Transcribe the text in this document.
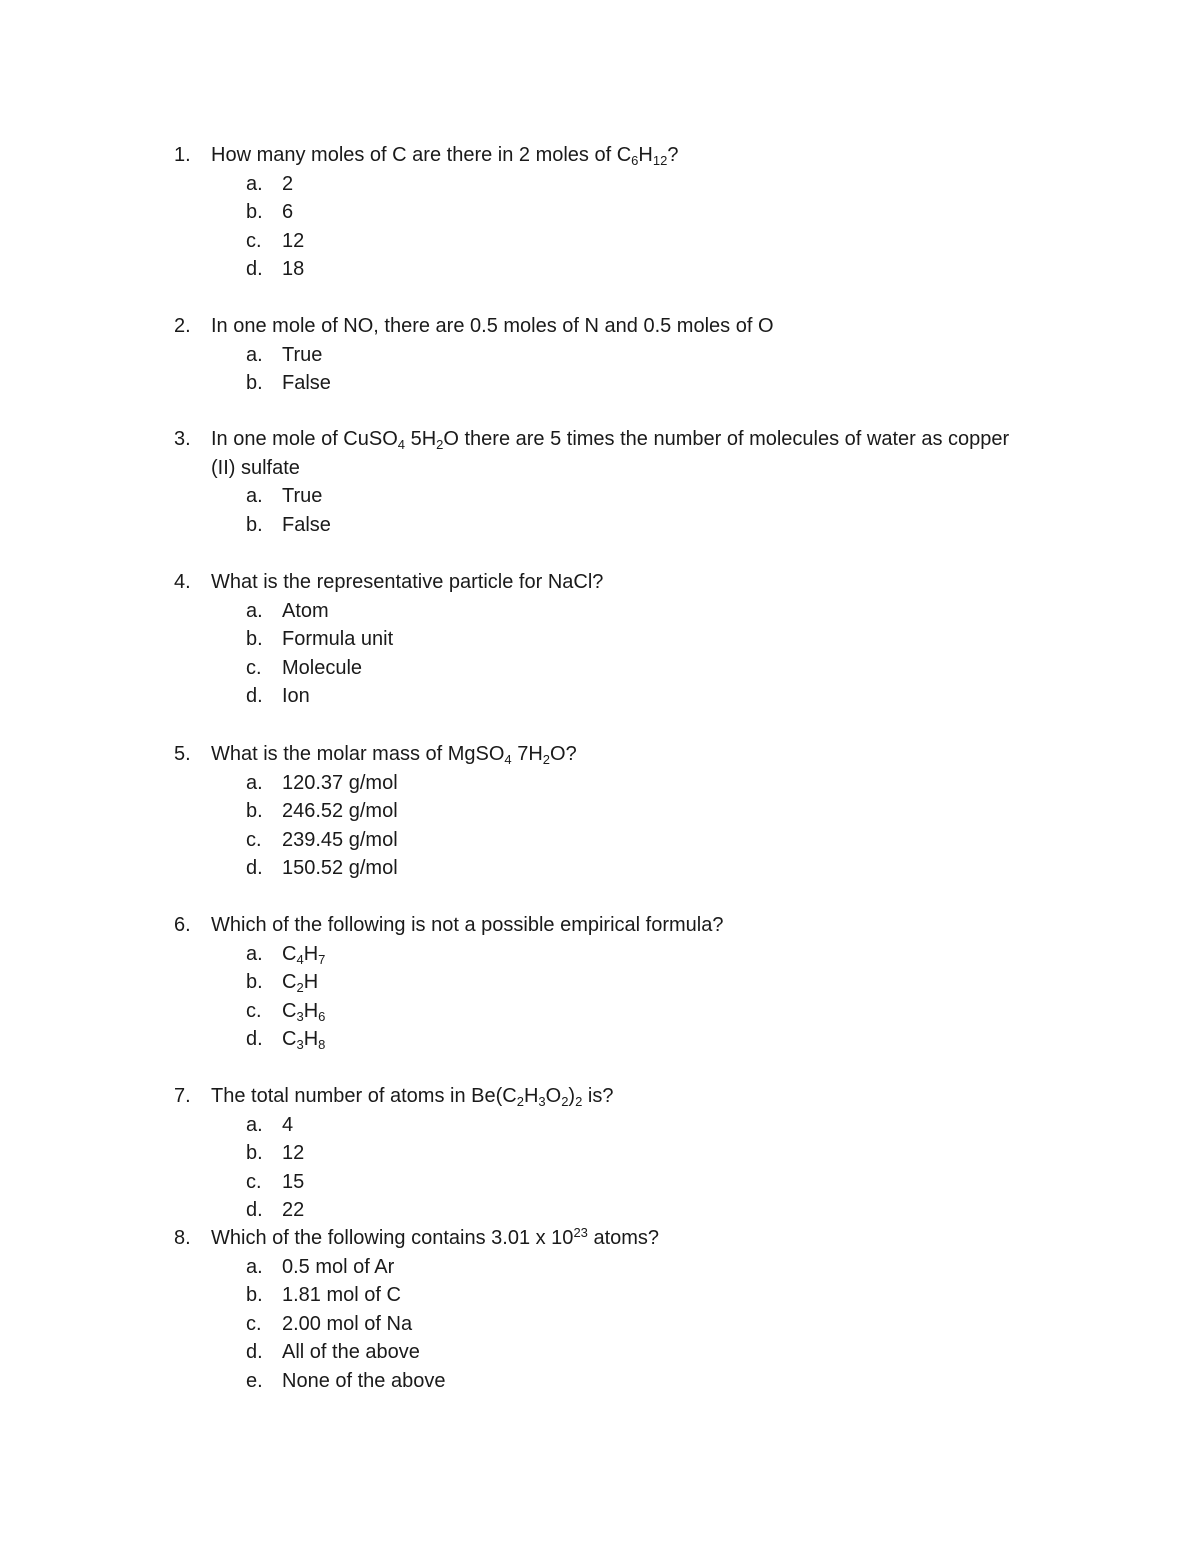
1.	How many moles of C are there in 2 moles of $C_6H_{12}$?
a. 2
b. 6
c.	12
d. 18
2.	In one mole of NO, there are 0.5 moles of N and 0.5 moles of O
a. True
b. False
3.	In one mole of CuSO$_4$ $5H_2O$ there are 5 times the number of molecules of water as copper (II) sulfate
a. True
b. False
4.	What is the representative particle for NaCl?
a. Atom
b. Formula unit
c.	Molecule
d. Ion
5.	What is the molar mass of MgSO$_4$ $7H_2O$?
a. 120.37 g/mol
b. 246.52 g/mol
c.	239.45 g/mol
d. 150.52 g/mol
6.	Which of the following is not a possible empirical formula?
a. $C_4H_7$
b. $C_2H$
c.	$C_3H_6$
d. $C_3H_8$
7.	The total number of atoms in $Be(C_2H_3O_2)_2$ is?
a. 4
b. 12
c.	15
d. 22
8.	Which of the following contains 3.01 x $10^{23}$ atoms?
a. 0.5 mol of Ar
b. 1.81 mol of C
c.	2.00 mol of Na
d. All of the above
e. None of the above
